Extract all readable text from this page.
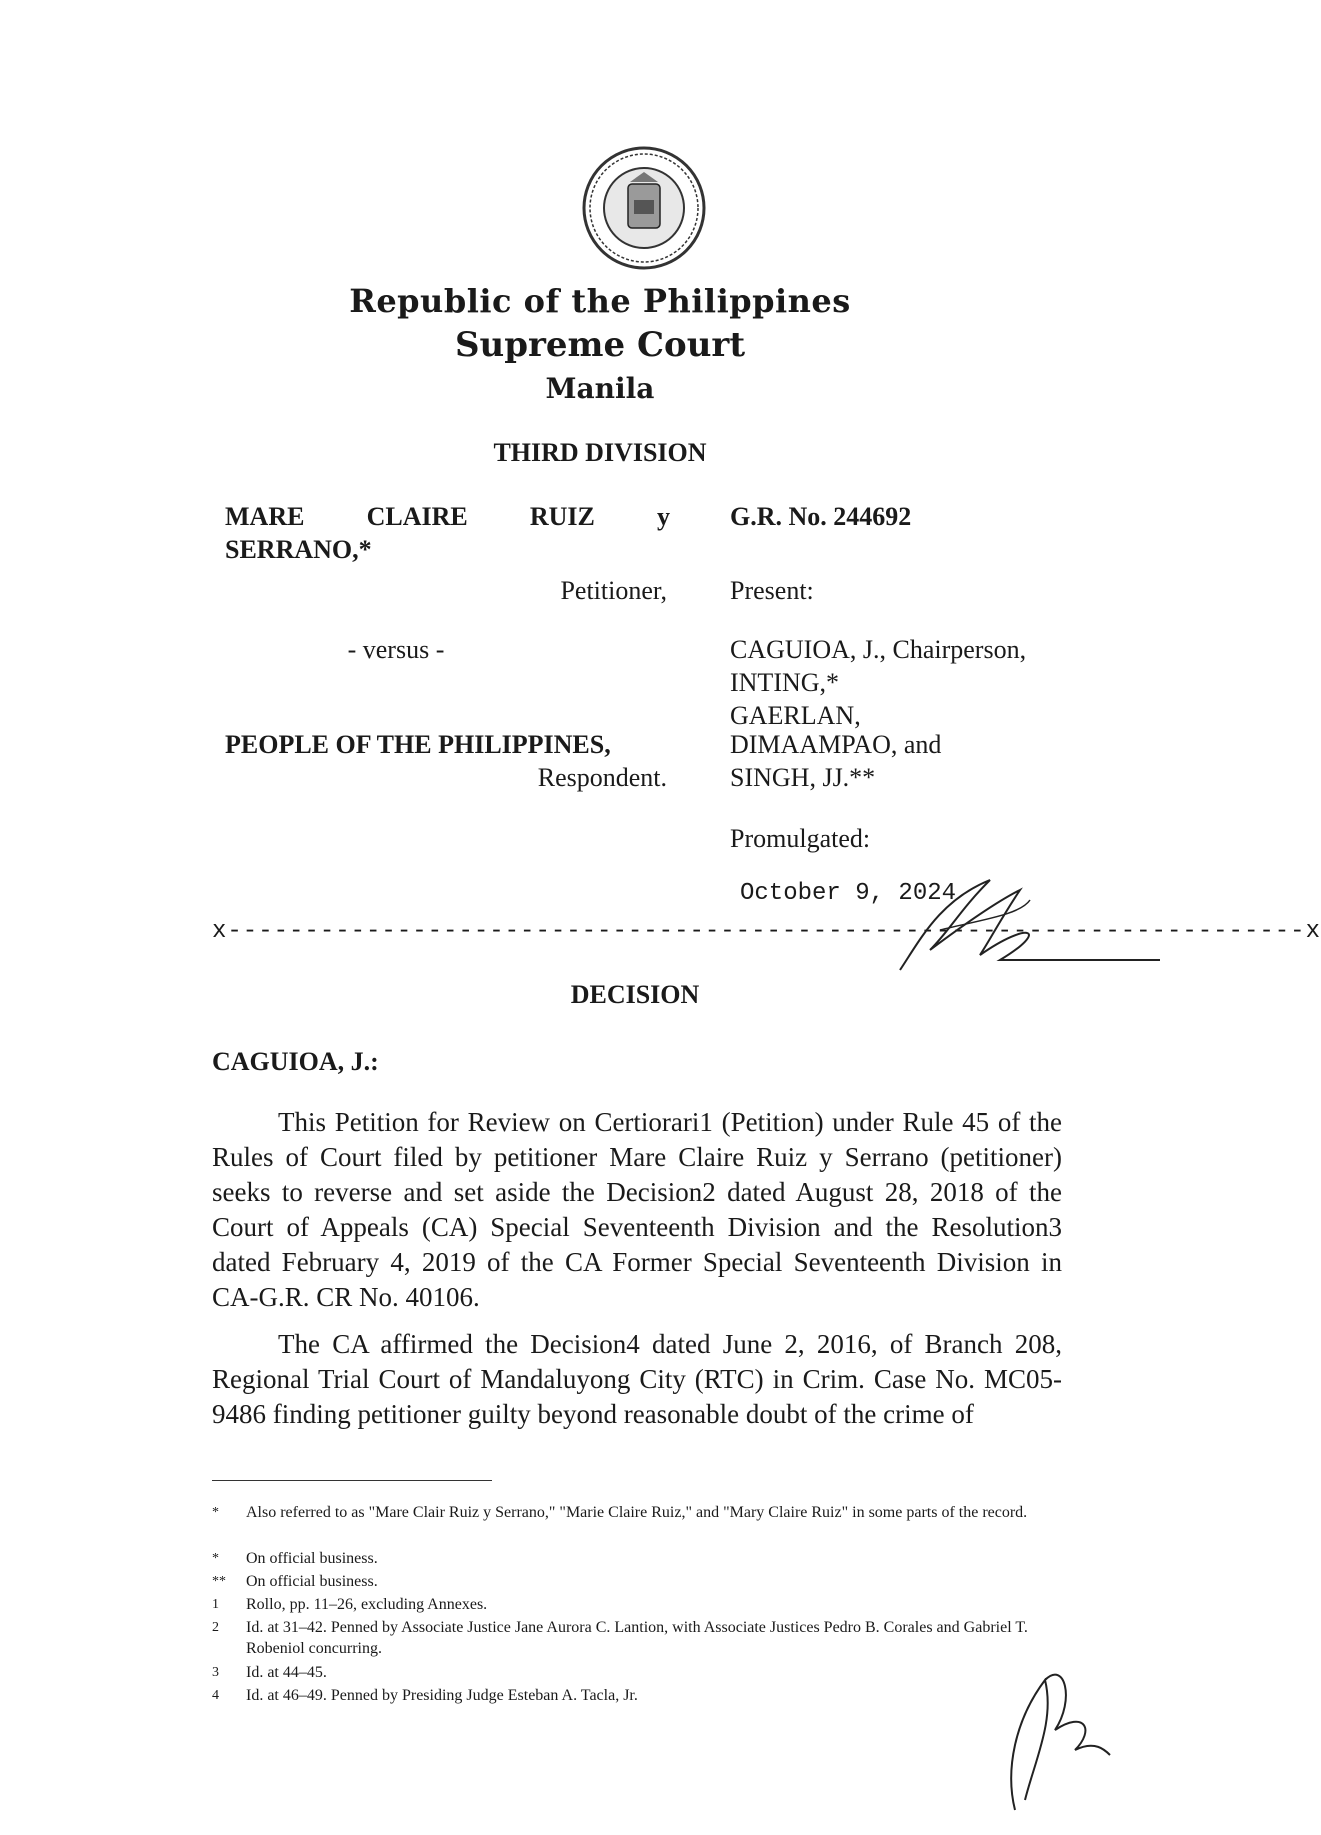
Republic of the Philippines
Supreme Court
Manila
THIRD DIVISION
MARE CLAIRE RUIZ y
SERRANO,*
Petitioner,
- versus -
PEOPLE OF THE PHILIPPINES,
Respondent.
G.R. No. 244692
Present:
CAGUIOA, J., Chairperson,
INTING,*
GAERLAN,
DIMAAMPAO, and
SINGH, JJ.**
Promulgated:
October 9, 2024
x----------------------------------------------------------------------x
DECISION
CAGUIOA, J.:

This Petition for Review on Certiorari1 (Petition) under Rule 45 of the Rules of Court filed by petitioner Mare Claire Ruiz y Serrano (petitioner) seeks to reverse and set aside the Decision2 dated August 28, 2018 of the Court of Appeals (CA) Special Seventeenth Division and the Resolution3 dated February 4, 2019 of the CA Former Special Seventeenth Division in CA-G.R. CR No. 40106.

The CA affirmed the Decision4 dated June 2, 2016, of Branch 208, Regional Trial Court of Mandaluyong City (RTC) in Crim. Case No. MC05-9486 finding petitioner guilty beyond reasonable doubt of the crime of

*	Also referred to as "Mare Clair Ruiz y Serrano," "Marie Claire Ruiz," and "Mary Claire Ruiz" in some parts of the record.
*	On official business.
**	On official business.
1	Rollo, pp. 11–26, excluding Annexes.
2	Id. at 31–42. Penned by Associate Justice Jane Aurora C. Lantion, with Associate Justices Pedro B. Corales and Gabriel T. Robeniol concurring.
3	Id. at 44–45.
4	Id. at 46–49. Penned by Presiding Judge Esteban A. Tacla, Jr.
